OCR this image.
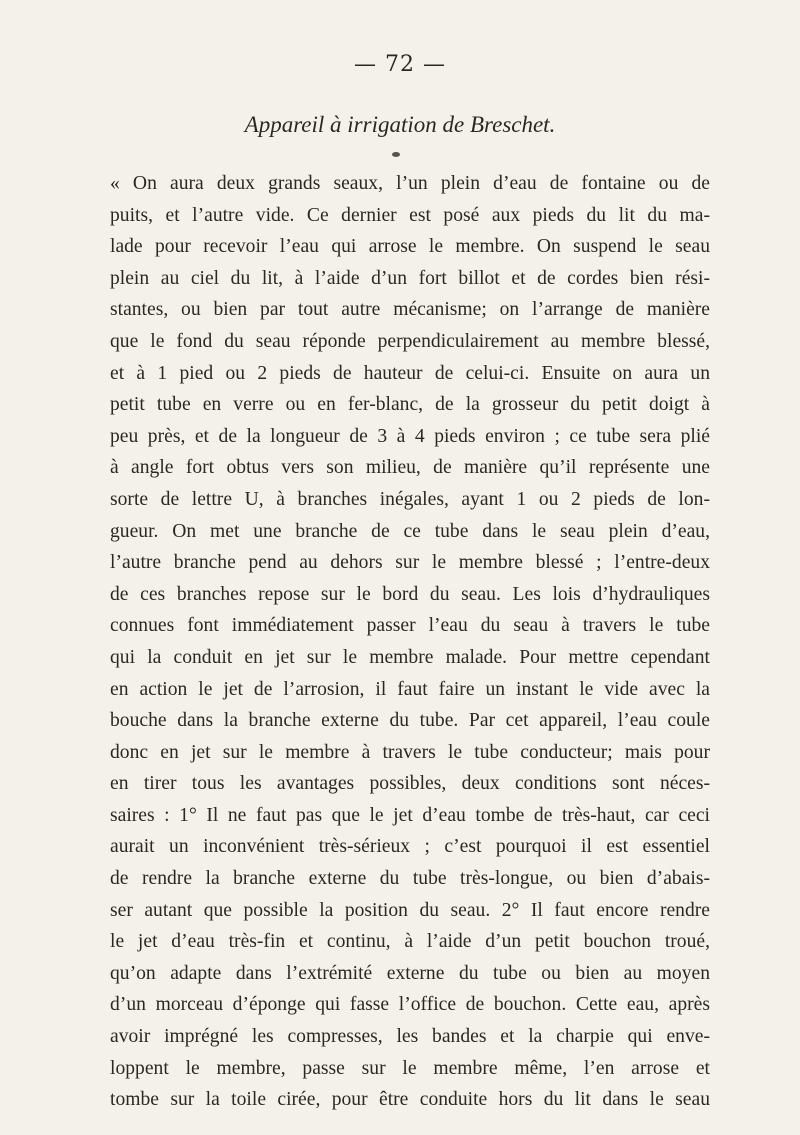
— 72 —
Appareil à irrigation de Breschet.
« On aura deux grands seaux, l’un plein d’eau de fontaine ou de
puits, et l’autre vide. Ce dernier est posé aux pieds du lit du ma-
lade pour recevoir l’eau qui arrose le membre. On suspend le seau
plein au ciel du lit, à l’aide d’un fort billot et de cordes bien rési-
stantes, ou bien par tout autre mécanisme; on l’arrange de manière
que le fond du seau réponde perpendiculairement au membre blessé,
et à 1 pied ou 2 pieds de hauteur de celui-ci. Ensuite on aura un
petit tube en verre ou en fer-blanc, de la grosseur du petit doigt à
peu près, et de la longueur de 3 à 4 pieds environ ; ce tube sera plié
à angle fort obtus vers son milieu, de manière qu’il représente une
sorte de lettre U, à branches inégales, ayant 1 ou 2 pieds de lon-
gueur. On met une branche de ce tube dans le seau plein d’eau,
l’autre branche pend au dehors sur le membre blessé ; l’entre-deux
de ces branches repose sur le bord du seau. Les lois d’hydrauliques
connues font immédiatement passer l’eau du seau à travers le tube
qui la conduit en jet sur le membre malade. Pour mettre cependant
en action le jet de l’arrosion, il faut faire un instant le vide avec la
bouche dans la branche externe du tube. Par cet appareil, l’eau coule
donc en jet sur le membre à travers le tube conducteur; mais pour
en tirer tous les avantages possibles, deux conditions sont néces-
saires : 1° Il ne faut pas que le jet d’eau tombe de très-haut, car ceci
aurait un inconvénient très-sérieux ; c’est pourquoi il est essentiel
de rendre la branche externe du tube très-longue, ou bien d’abais-
ser autant que possible la position du seau. 2° Il faut encore rendre
le jet d’eau très-fin et continu, à l’aide d’un petit bouchon troué,
qu’on adapte dans l’extrémité externe du tube ou bien au moyen
d’un morceau d’éponge qui fasse l’office de bouchon. Cette eau, après
avoir imprégné les compresses, les bandes et la charpie qui enve-
loppent le membre, passe sur le membre même, l’en arrose et
tombe sur la toile cirée, pour être conduite hors du lit dans le seau
